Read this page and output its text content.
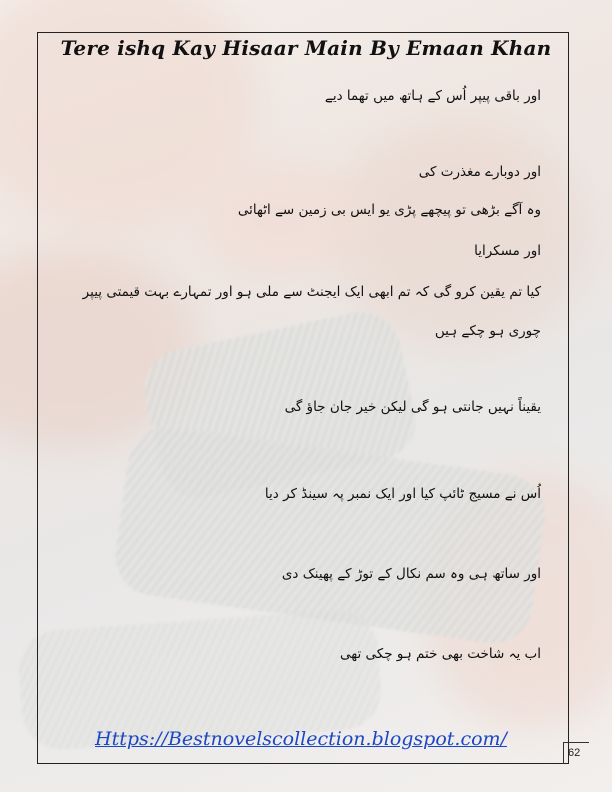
Tere ishq Kay Hisaar Main By Emaan Khan
اور باقی پیپر اُس کے ہاتھ میں تھما دیے
اور دوبارے مغذرت کی
وہ آگے بڑھی تو پیچھے پڑی یو ایس بی زمین سے اٹھائی
اور مسکرایا
کیا تم یقین کرو گی کہ تم ابھی ایک ایجنٹ سے ملی ہو اور تمہارے بہت قیمتی پیپر
چوری ہو چکے ہیں
یقیناً نہیں جانتی ہو گی لیکن خیر جان جاؤ گی
اُس نے مسیج ٹائپ کیا اور ایک نمبر پہ سینڈ کر دیا
اور ساتھ ہی وہ سم نکال کے توڑ کے پھینک دی
اب یہ شاخت بھی ختم ہو چکی تھی
Https://Bestnovelscollection.blogspot.com/
62
